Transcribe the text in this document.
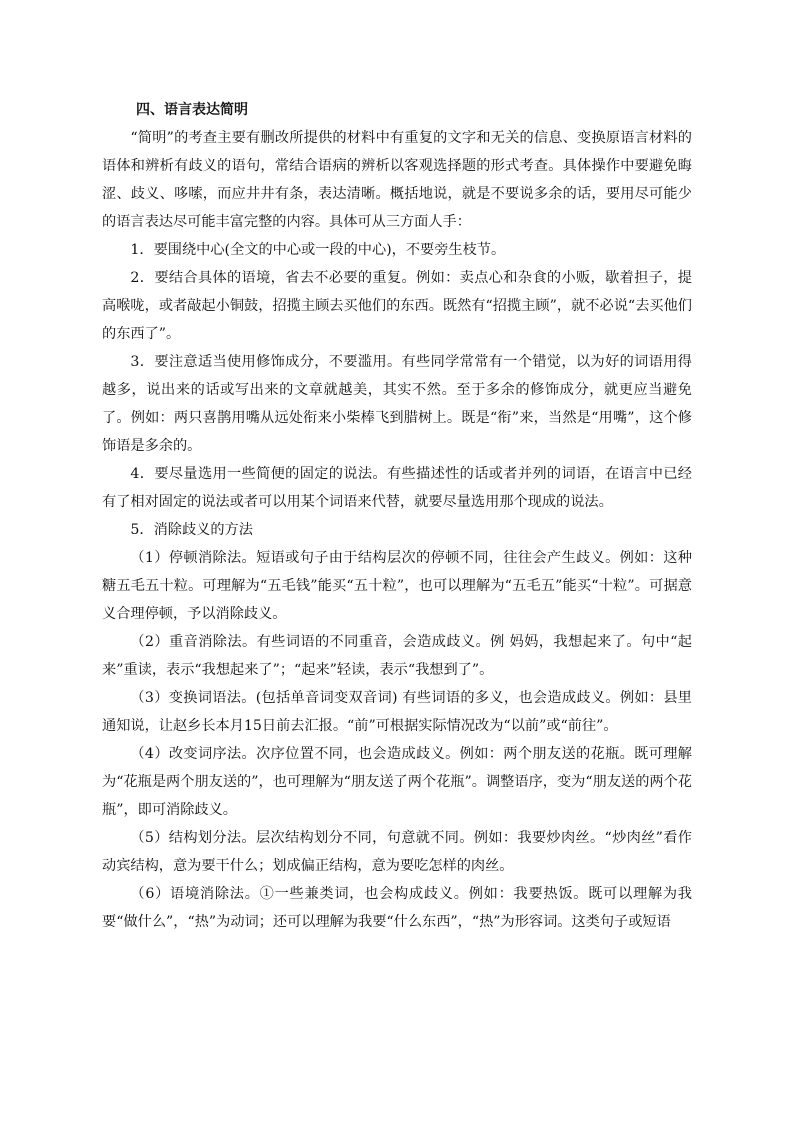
四、语言表达简明

“简明”的考查主要有删改所提供的材料中有重复的文字和无关的信息、变换原语言材料的语体和辨析有歧义的语句，常结合语病的辨析以客观选择题的形式考查。具体操作中要避免晦涩、歧义、哆嗦，而应井井有条，表达清晰。概括地说，就是不要说多余的话，要用尽可能少的语言表达尽可能丰富完整的内容。具体可从三方面人手：

1．要围绕中心(全文的中心或一段的中心)，不要旁生枝节。

2．要结合具体的语境，省去不必要的重复。例如：卖点心和杂食的小贩，歇着担子，提高喉咙，或者敲起小铜鼓，招揽主顾去买他们的东西。既然有“招揽主顾”，就不必说“去买他们的东西了”。

3．要注意适当使用修饰成分，不要滥用。有些同学常常有一个错觉，以为好的词语用得越多，说出来的话或写出来的文章就越美，其实不然。至于多余的修饰成分，就更应当避免了。例如：两只喜鹊用嘴从远处衔来小柴棒飞到腊树上。既是“衔”来，当然是“用嘴”，这个修饰语是多余的。

4．要尽量选用一些简便的固定的说法。有些描述性的话或者并列的词语，在语言中已经有了相对固定的说法或者可以用某个词语来代替，就要尽量选用那个现成的说法。

5．消除歧义的方法

（1）停顿消除法。短语或句子由于结构层次的停顿不同，往往会产生歧义。例如：这种糖五毛五十粒。可理解为“五毛钱”能买“五十粒”，也可以理解为“五毛五”能买“十粒”。可据意义合理停顿，予以消除歧义。

（2）重音消除法。有些词语的不同重音，会造成歧义。例 妈妈，我想起来了。句中“起来”重读，表示“我想起来了”；“起来”轻读，表示“我想到了”。

（3）变换词语法。(包括单音词变双音词) 有些词语的多义，也会造成歧义。例如：县里通知说，让赵乡长本月15日前去汇报。“前”可根据实际情况改为“以前”或“前往”。

（4）改变词序法。次序位置不同，也会造成歧义。例如：两个朋友送的花瓶。既可理解为“花瓶是两个朋友送的”，也可理解为“朋友送了两个花瓶”。调整语序，变为“朋友送的两个花瓶”，即可消除歧义。

（5）结构划分法。层次结构划分不同，句意就不同。例如：我要炒肉丝。“炒肉丝”看作动宾结构，意为要干什么；划成偏正结构，意为要吃怎样的肉丝。

（6）语境消除法。①一些兼类词，也会构成歧义。例如：我要热饭。既可以理解为我要“做什么”，“热”为动词；还可以理解为我要“什么东西”，“热”为形容词。这类句子或短语
